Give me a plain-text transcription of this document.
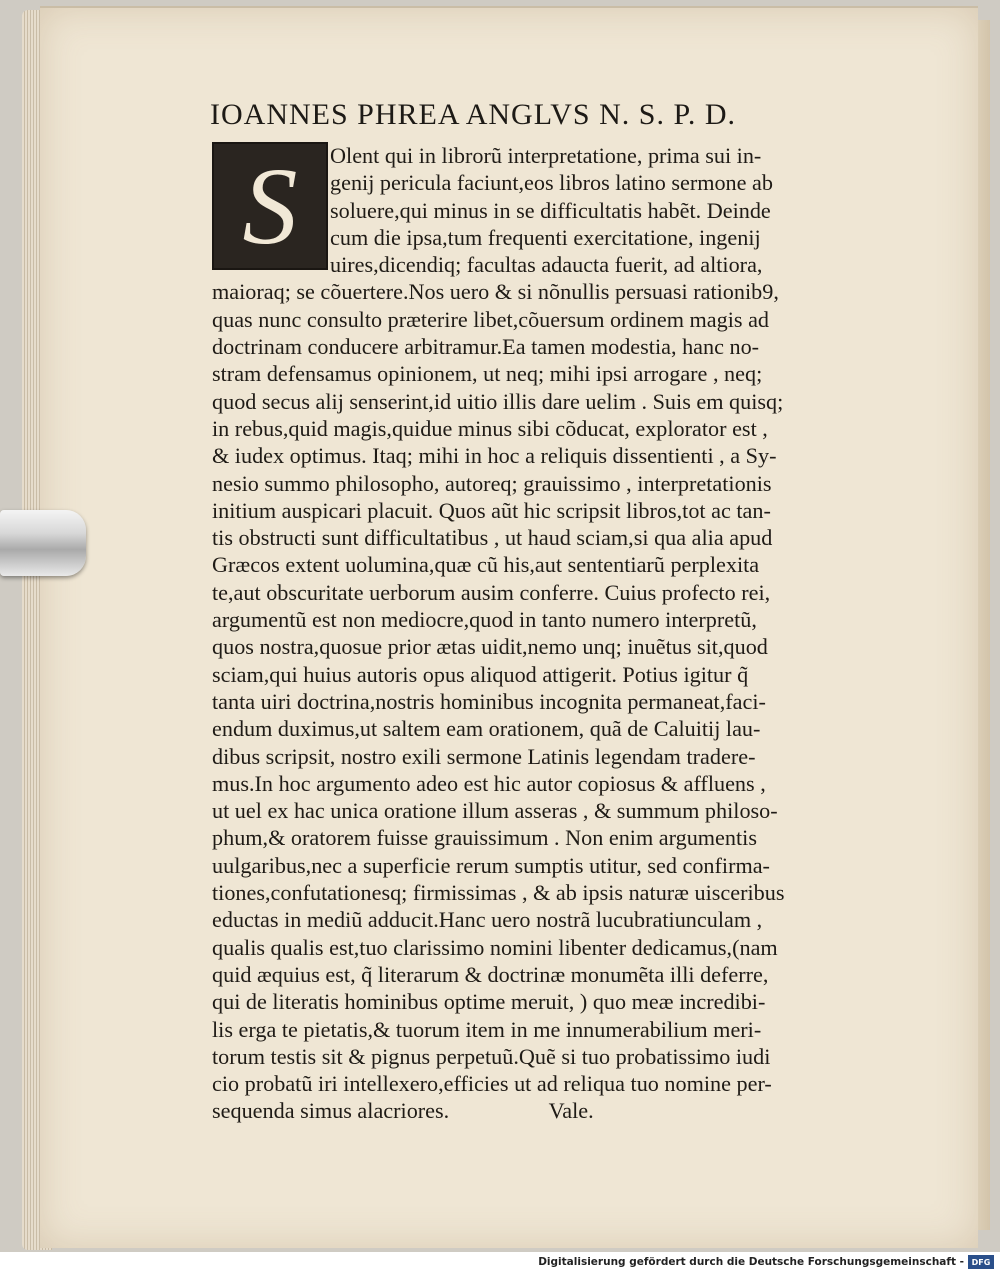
IOANNES PHREA ANGLVS N. S. P. D.
S	Olent qui in librorũ interpretatione, prima sui in-
genij pericula faciunt,eos libros latino sermone ab
soluere,qui minus in se difficultatis habẽt. Deinde
cum die ipsa,tum frequenti exercitatione, ingenij
uires,dicendiq; facultas adaucta fuerit, ad altiora,
maioraq; se cõuertere.Nos uero & si nõnullis persuasi rationib9,
quas nunc consulto prӕterire libet,cõuersum ordinem magis ad
doctrinam conducere arbitramur.Ea tamen modestia, hanc no-
stram defensamus opinionem, ut neq; mihi ipsi arrogare , neq;
quod secus alij senserint,id uitio illis dare uelim . Suis em quisq;
in rebus,quid magis,quidue minus sibi cõducat, explorator est ,
& iudex optimus. Itaq; mihi in hoc a reliquis dissentienti , a Sy-
nesio summo philosopho, autoreq; grauissimo , interpretationis
initium auspicari placuit. Quos aũt hic scripsit libros,tot ac tan-
tis obstructi sunt difficultatibus , ut haud sciam,si qua alia apud
Grӕcos extent uolumina,quӕ cũ his,aut sententiarũ perplexita
te,aut obscuritate uerborum ausim conferre. Cuius profecto rei,
argumentũ est non mediocre,quod in tanto numero interpretũ,
quos nostra,quosue prior ӕtas uidit,nemo unq; inuẽtus sit,quod
sciam,qui huius autoris opus aliquod attigerit. Potius igitur q̃
tanta uiri doctrina,nostris hominibus incognita permaneat,faci-
endum duximus,ut saltem eam orationem, quã de Caluitij lau-
dibus scripsit, nostro exili sermone Latinis legendam tradere-
mus.In hoc argumento adeo est hic autor copiosus & affluens ,
ut uel ex hac unica oratione illum asseras , & summum philoso-
phum,& oratorem fuisse grauissimum . Non enim argumentis
uulgaribus,nec a superficie rerum sumptis utitur, sed confirma-
tiones,confutationesq; firmissimas , & ab ipsis naturӕ uisceribus
eductas in mediũ adducit.Hanc uero nostrã lucubratiunculam ,
qualis qualis est,tuo clarissimo nomini libenter dedicamus,(nam
quid ӕquius est, q̃ literarum & doctrinӕ monumẽta illi deferre,
qui de literatis hominibus optime meruit, ) quo meӕ incredibi-
lis erga te pietatis,& tuorum item in me innumerabilium meri-
torum testis sit & pignus perpetuũ.Quẽ si tuo probatissimo iudi
cio probatũ iri intellexero,efficies ut ad reliqua tuo nomine per-
sequenda simus alacriores.	Vale.
Digitalisierung gefördert durch die Deutsche Forschungsgemeinschaft - DFG
